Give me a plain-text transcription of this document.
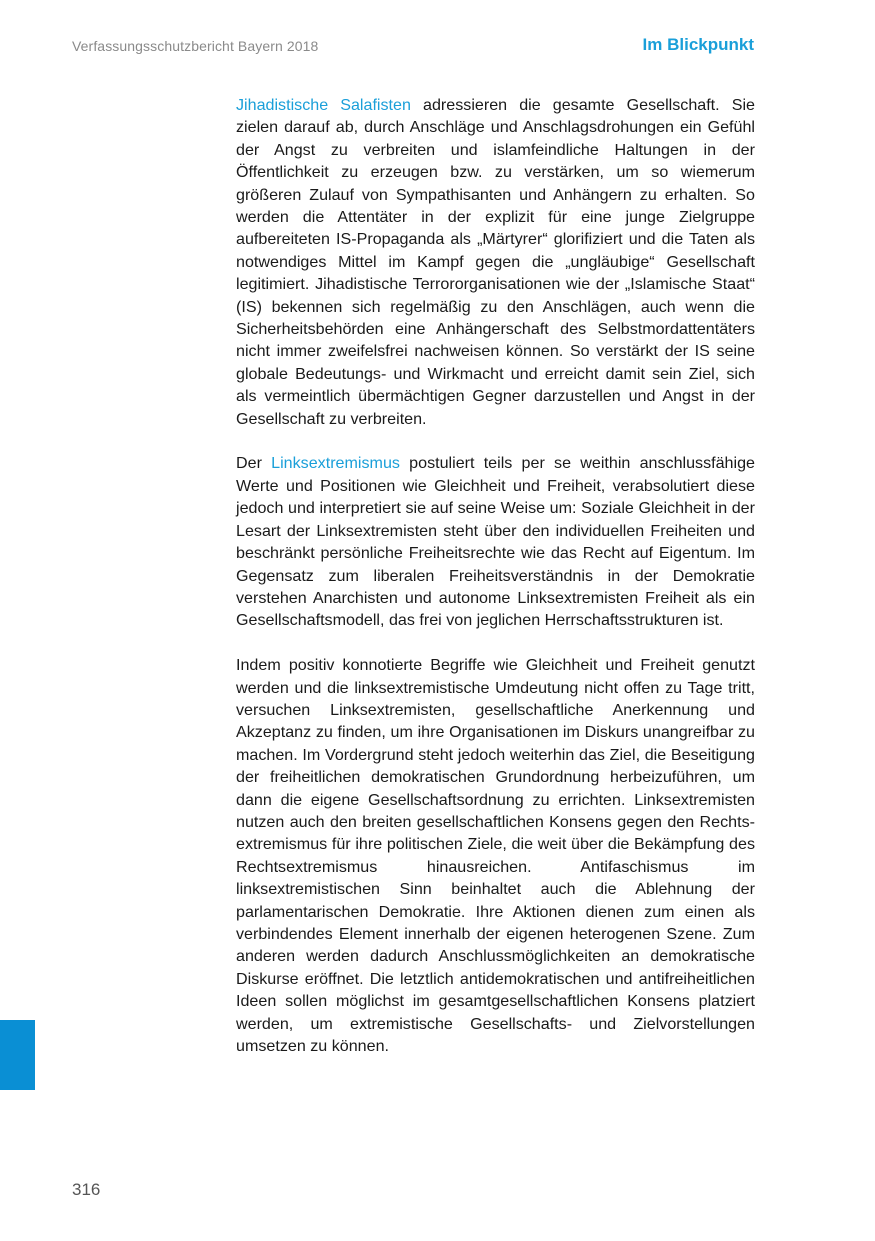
Verfassungsschutzbericht Bayern 2018	Im Blickpunkt

Jihadistische Salafisten adressieren die gesamte Gesellschaft. Sie zielen darauf ab, durch Anschläge und Anschlagsdrohungen ein Gefühl der Angst zu verbreiten und islamfeindliche Haltungen in der Öffentlichkeit zu erzeugen bzw. zu verstärken, um so wiemerum größeren Zulauf von Sympathisanten und Anhängern zu erhalten. So werden die Attentäter in der explizit für eine junge Zielgruppe aufbereiteten IS-Propaganda als „Märtyrer“ glorifiziert und die Taten als notwendiges Mittel im Kampf gegen die „ungläubige“ Gesellschaft legitimiert. Jihadistische Terrororganisationen wie der „Islamische Staat“ (IS) bekennen sich regelmäßig zu den Anschlägen, auch wenn die Sicherheitsbehörden eine Anhängerschaft des Selbstmordattentäters nicht immer zweifelsfrei nachweisen können. So verstärkt der IS seine globale Bedeutungs- und Wirkmacht und erreicht damit sein Ziel, sich als vermeintlich übermächtigen Gegner darzustellen und Angst in der Gesellschaft zu verbreiten.

Der Linksextremismus postuliert teils per se weithin anschlussfähige Werte und Positionen wie Gleichheit und Freiheit, verabsolutiert diese jedoch und interpretiert sie auf seine Weise um: Soziale Gleichheit in der Lesart der Linksextremisten steht über den individuellen Freiheiten und beschränkt persönliche Freiheitsrechte wie das Recht auf Eigentum. Im Gegensatz zum liberalen Freiheitsverständnis in der Demokratie verstehen Anarchisten und autonome Linksextremisten Freiheit als ein Gesellschaftsmodell, das frei von jeglichen Herrschaftsstrukturen ist.

Indem positiv konnotierte Begriffe wie Gleichheit und Freiheit genutzt werden und die linksextremistische Umdeutung nicht offen zu Tage tritt, versuchen Linksextremisten, gesellschaftliche Anerkennung und Akzeptanz zu finden, um ihre Organisationen im Diskurs unangreifbar zu machen. Im Vordergrund steht jedoch weiterhin das Ziel, die Beseitigung der freiheitlichen demokratischen Grundordnung herbeizuführen, um dann die eigene Gesellschaftsordnung zu errichten. Linksextremisten nutzen auch den breiten gesellschaftlichen Konsens gegen den Rechtsextremismus für ihre politischen Ziele, die weit über die Bekämpfung des Rechtsextremismus hinausreichen. Antifaschismus im linksextremistischen Sinn beinhaltet auch die Ablehnung der parlamentarischen Demokratie. Ihre Aktionen dienen zum einen als verbindendes Element innerhalb der eigenen heterogenen Szene. Zum anderen werden dadurch Anschlussmöglichkeiten an demokratische Diskurse eröffnet. Die letztlich antidemokratischen und antifreiheitlichen Ideen sollen möglichst im gesamtgesellschaftlichen Konsens platziert werden, um extremistische Gesellschafts- und Zielvorstellungen umsetzen zu können.

316
